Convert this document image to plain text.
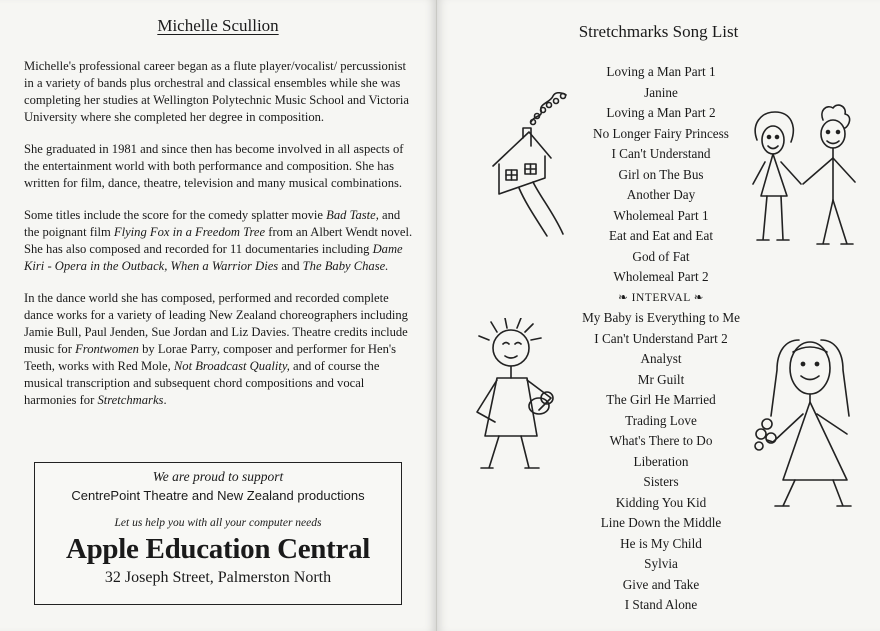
Michelle Scullion

Michelle's professional career began as a flute player/vocalist/ percussionist in a variety of bands plus orchestral and classical ensembles while she was completing her studies at Wellington Polytechnic Music School and Victoria University where she completed her degree in composition.

She graduated in 1981 and since then has become involved in all aspects of the entertainment world with both performance and composition. She has written for film, dance, theatre, television and many musical combinations.

Some titles include the score for the comedy splatter movie Bad Taste, and the poignant film Flying Fox in a Freedom Tree from an Albert Wendt novel. She has also composed and recorded for 11 documentaries including Dame Kiri - Opera in the Outback, When a Warrior Dies and The Baby Chase.

In the dance world she has composed, performed and recorded complete dance works for a variety of leading New Zealand choreographers including Jamie Bull, Paul Jenden, Sue Jordan and Liz Davies. Theatre credits include music for Frontwomen by Lorae Parry, composer and performer for Hen's Teeth, works with Red Mole, Not Broadcast Quality, and of course the musical transcription and subsequent chord compositions and vocal harmonies for Stretchmarks.

We are proud to support
CentrePoint Theatre and New Zealand productions
Let us help you with all your computer needs
Apple Education Central
32 Joseph Street, Palmerston North
Stretchmarks Song List
Loving a Man Part 1
Janine
Loving a Man Part 2
No Longer Fairy Princess
I Can't Understand
Girl on The Bus
Another Day
Wholemeal Part 1
Eat and Eat and Eat
God of Fat
Wholemeal Part 2
❧ INTERVAL ❧
My Baby is Everything to Me
I Can't Understand Part 2
Analyst
Mr Guilt
The Girl He Married
Trading Love
What's There to Do
Liberation
Sisters
Kidding You Kid
Line Down the Middle
He is My Child
Sylvia
Give and Take
I Stand Alone
